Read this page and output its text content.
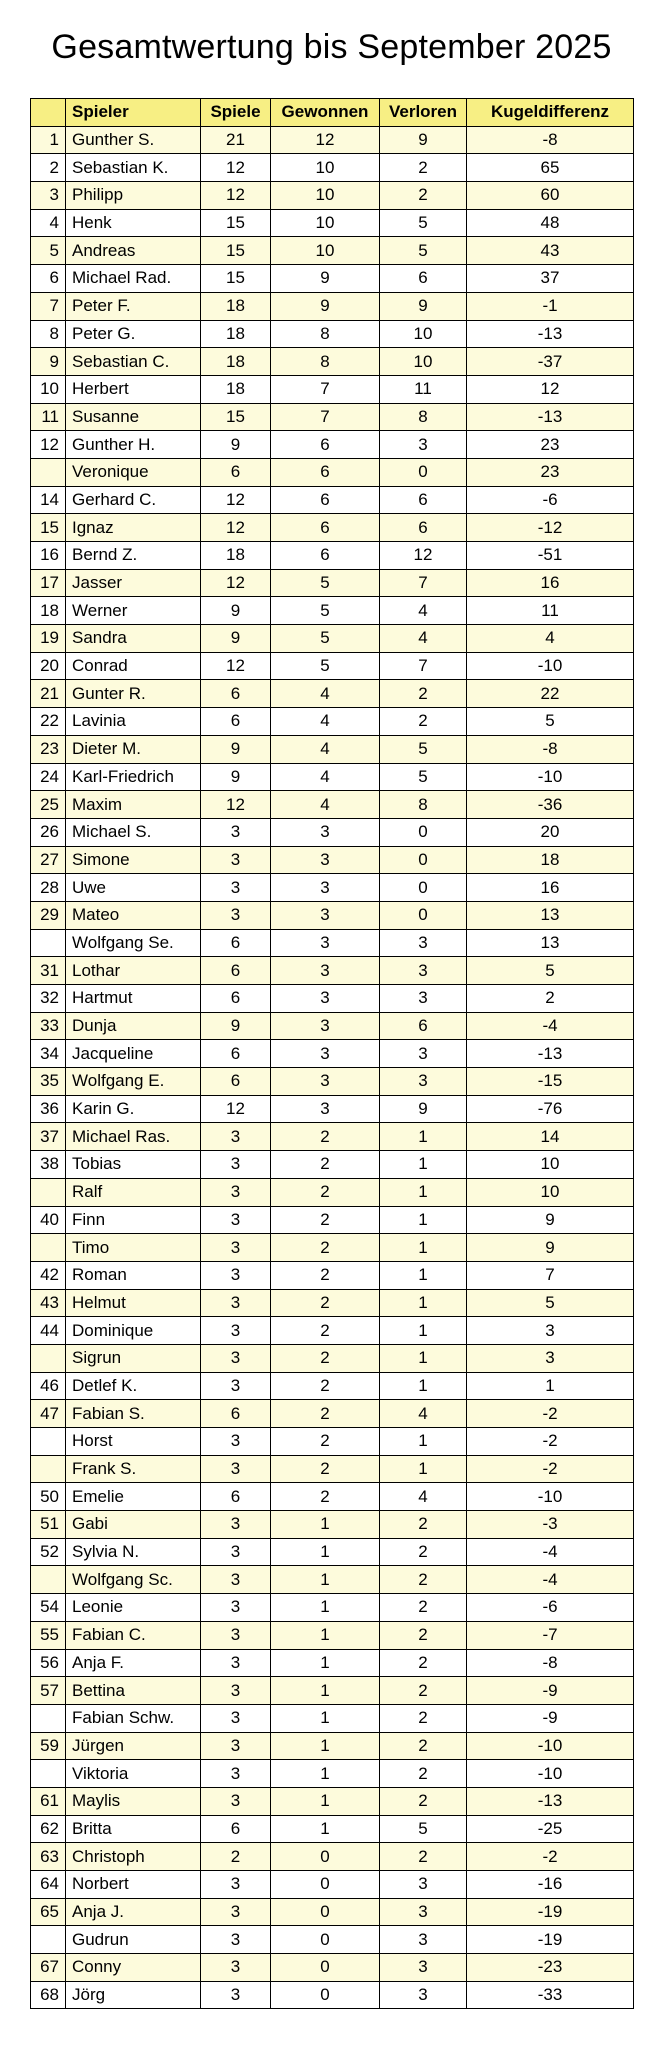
Gesamtwertung bis September 2025
	Spieler	Spiele	Gewonnen	Verloren	Kugeldifferenz
1	Gunther S.	21	12	9	-8
2	Sebastian K.	12	10	2	65
3	Philipp	12	10	2	60
4	Henk	15	10	5	48
5	Andreas	15	10	5	43
6	Michael Rad.	15	9	6	37
7	Peter F.	18	9	9	-1
8	Peter G.	18	8	10	-13
9	Sebastian C.	18	8	10	-37
10	Herbert	18	7	11	12
11	Susanne	15	7	8	-13
12	Gunther H.	9	6	3	23
	Veronique	6	6	0	23
14	Gerhard C.	12	6	6	-6
15	Ignaz	12	6	6	-12
16	Bernd Z.	18	6	12	-51
17	Jasser	12	5	7	16
18	Werner	9	5	4	11
19	Sandra	9	5	4	4
20	Conrad	12	5	7	-10
21	Gunter R.	6	4	2	22
22	Lavinia	6	4	2	5
23	Dieter M.	9	4	5	-8
24	Karl-Friedrich	9	4	5	-10
25	Maxim	12	4	8	-36
26	Michael S.	3	3	0	20
27	Simone	3	3	0	18
28	Uwe	3	3	0	16
29	Mateo	3	3	0	13
	Wolfgang Se.	6	3	3	13
31	Lothar	6	3	3	5
32	Hartmut	6	3	3	2
33	Dunja	9	3	6	-4
34	Jacqueline	6	3	3	-13
35	Wolfgang E.	6	3	3	-15
36	Karin G.	12	3	9	-76
37	Michael Ras.	3	2	1	14
38	Tobias	3	2	1	10
	Ralf	3	2	1	10
40	Finn	3	2	1	9
	Timo	3	2	1	9
42	Roman	3	2	1	7
43	Helmut	3	2	1	5
44	Dominique	3	2	1	3
	Sigrun	3	2	1	3
46	Detlef K.	3	2	1	1
47	Fabian S.	6	2	4	-2
	Horst	3	2	1	-2
	Frank S.	3	2	1	-2
50	Emelie	6	2	4	-10
51	Gabi	3	1	2	-3
52	Sylvia N.	3	1	2	-4
	Wolfgang Sc.	3	1	2	-4
54	Leonie	3	1	2	-6
55	Fabian C.	3	1	2	-7
56	Anja F.	3	1	2	-8
57	Bettina	3	1	2	-9
	Fabian Schw.	3	1	2	-9
59	Jürgen	3	1	2	-10
	Viktoria	3	1	2	-10
61	Maylis	3	1	2	-13
62	Britta	6	1	5	-25
63	Christoph	2	0	2	-2
64	Norbert	3	0	3	-16
65	Anja J.	3	0	3	-19
	Gudrun	3	0	3	-19
67	Conny	3	0	3	-23
68	Jörg	3	0	3	-33
